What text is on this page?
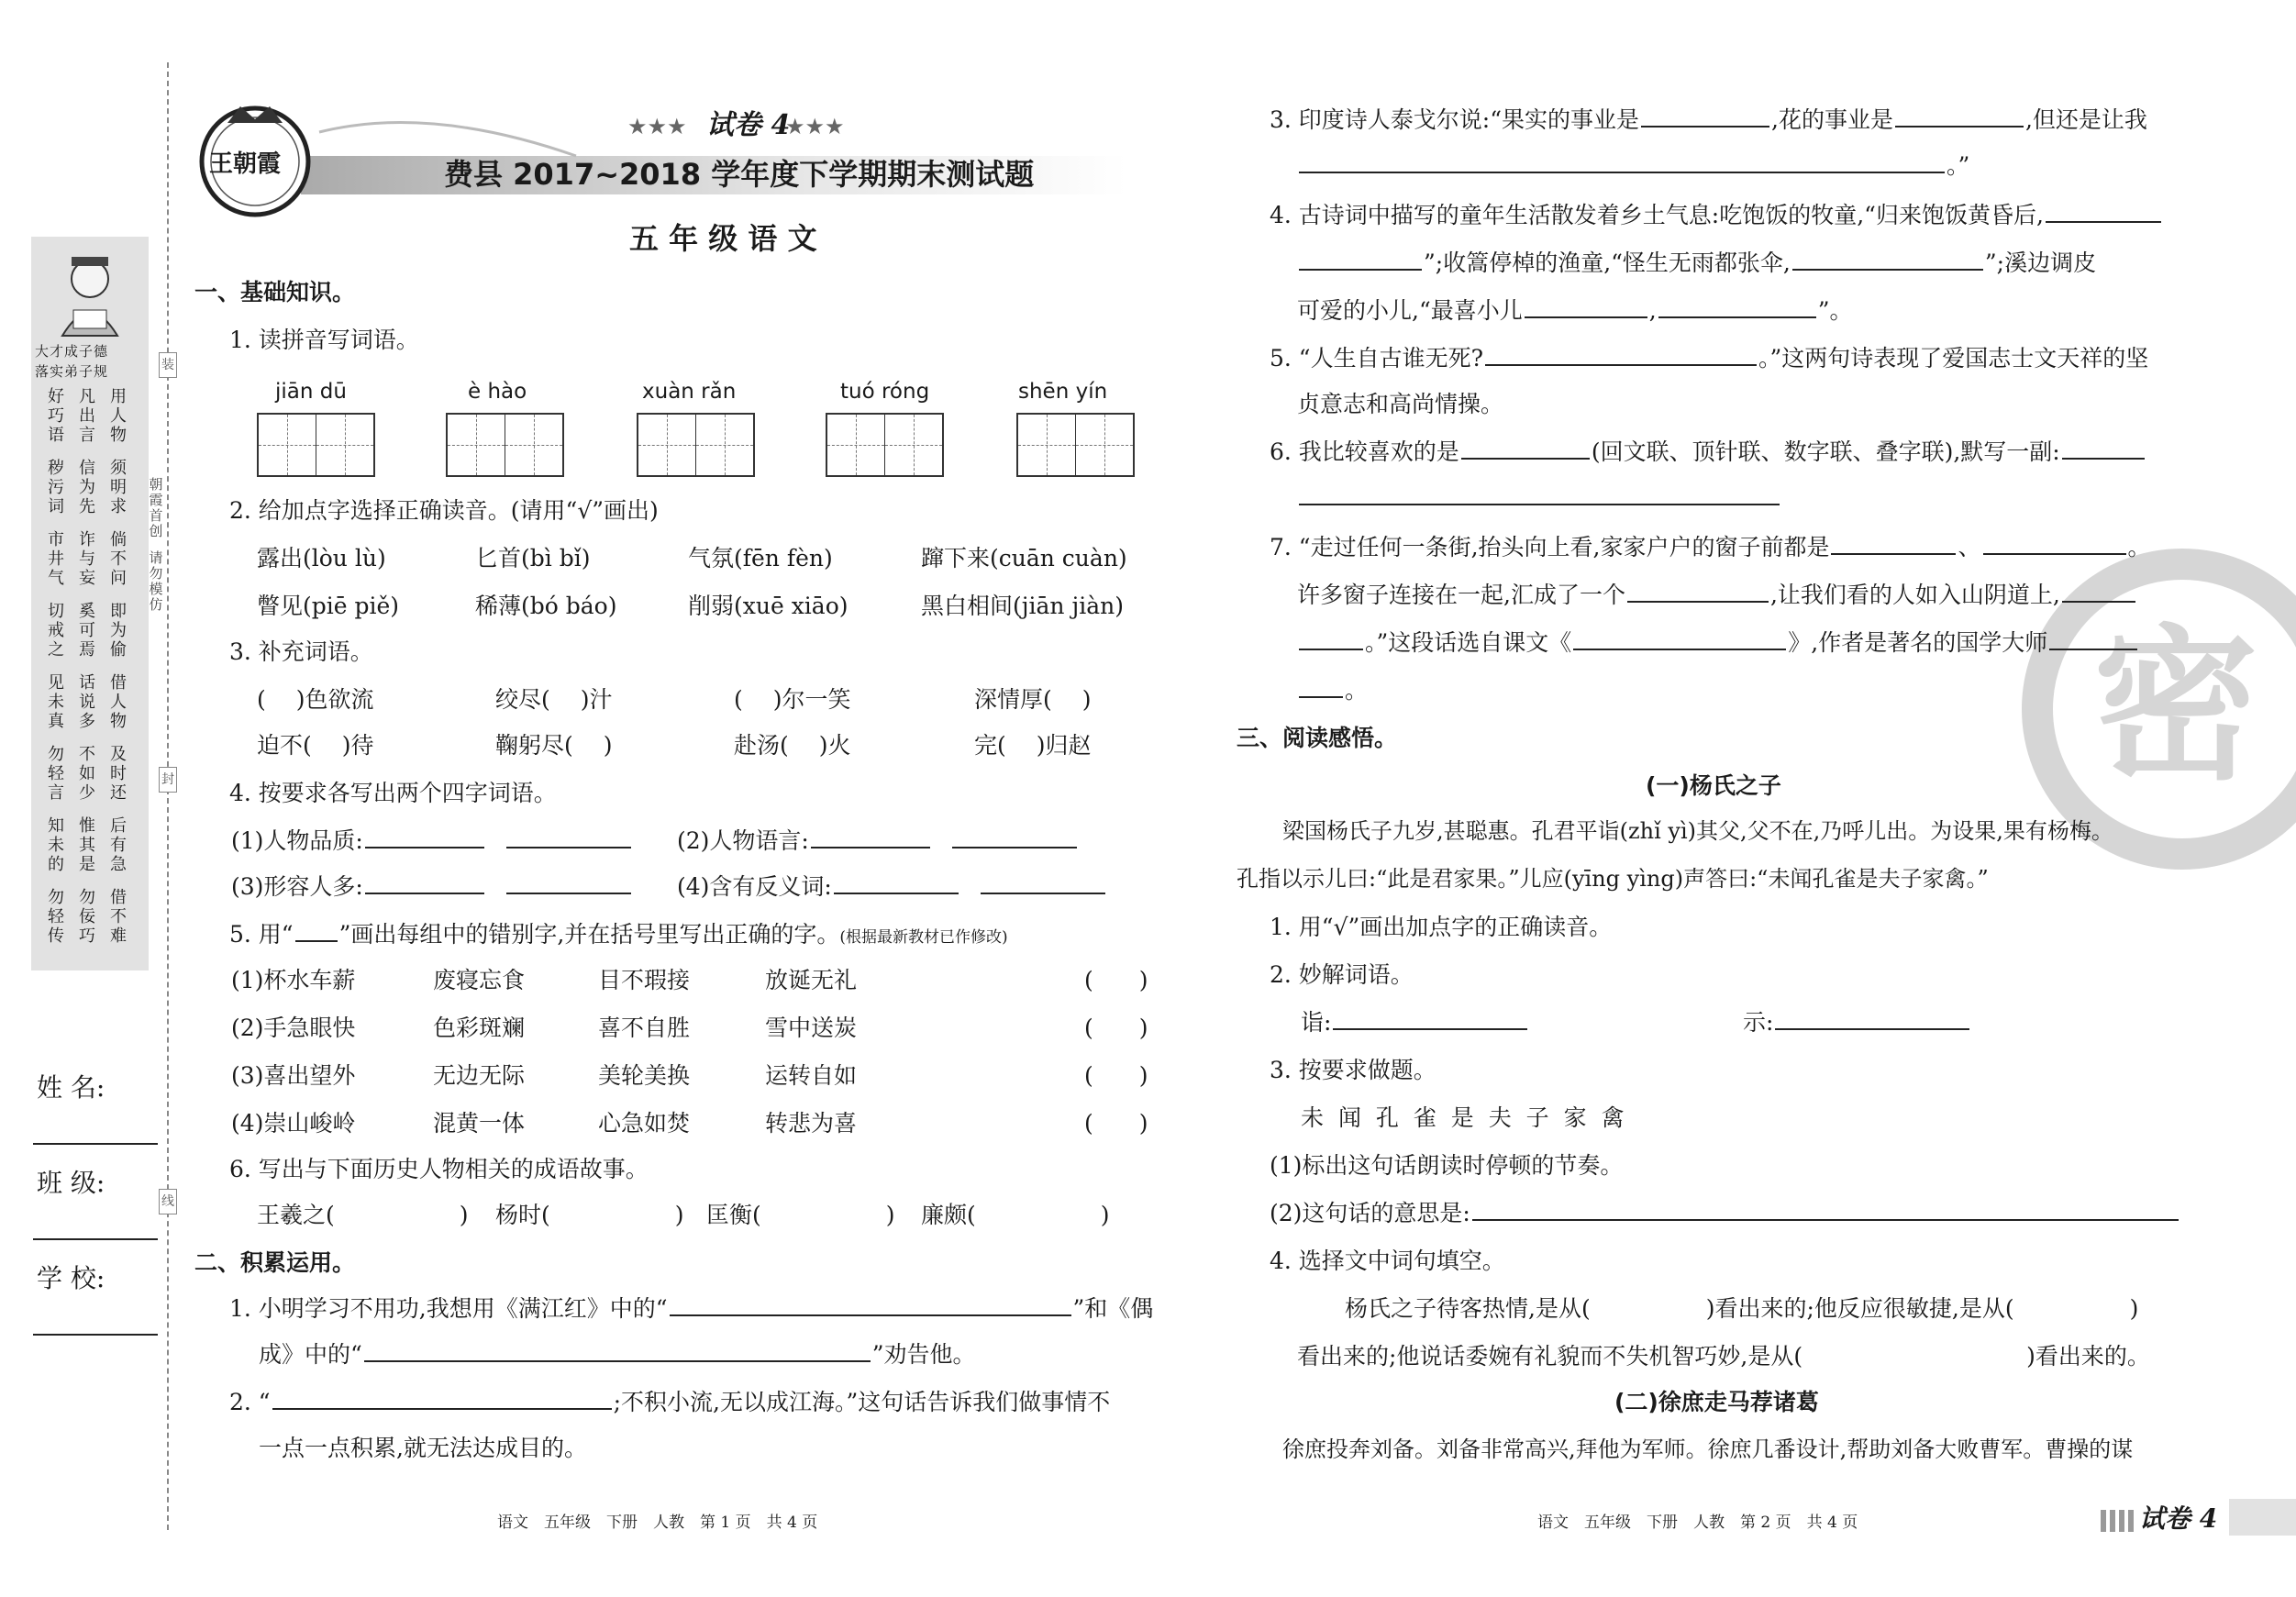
装
封
线
朝霞首创
请勿模仿
大才成子德
落实弟子规
好巧语
凡出言
用人物
秽污词
信为先
须明求
市井气
诈与妄
倘不问
切戒之
奚可焉
即为偷
见未真
话说多
借人物
勿轻言
不如少
及时还
知未的
惟其是
后有急
勿轻传
勿佞巧
借不难
姓 名:
班 级:
学 校:
王朝霞
★★★ 试卷 4
★★★
费县 2017~2018 学年度下学期期末测试题
五 年 级 语 文
一、基础知识。
1. 读拼音写词语。
jiān dū	è hào	xuàn rǎn	tuó róng	shēn yín
2. 给加点字选择正确读音。(请用“√”画出)
露出(lòu lù)	匕首(bì bǐ)	气氛(fēn fèn)	蹿下来(cuān cuàn)
瞥见(piē piě)	稀薄(bó báo)	削弱(xuē xiāo)	黑白相间(jiān jiàn)
3. 补充词语。
(　 )色欲流	绞尽(　 )汁	(　 )尔一笑	深情厚(　 )
迫不(　 )待	鞠躬尽(　 )	赴汤(　 )火	完(　 )归赵
4. 按要求各写出两个四字词语。
(1)人物品质:	(2)人物语言:
(3)形容人多:	(4)含有反义词:
5. 用“ ”画出每组中的错别字,并在括号里写出正确的字。(根据最新教材已作修改)
(1)杯水车薪	废寝忘食	目不瑕接	放诞无礼	(　　)
(2)手急眼快	色彩斑斓	喜不自胜	雪中送炭	(　　)
(3)喜出望外	无边无际	美轮美换	运转自如	(　　)
(4)崇山峻岭	混黄一体	心急如焚	转悲为喜	(　　)
6. 写出与下面历史人物相关的成语故事。
王羲之(	) 杨时(	) 匡衡(	) 廉颇(	)
二、积累运用。
1. 小明学习不用功,我想用《满江红》中的“	”和《偶
成》中的“	”劝告他。
2. “	;不积小流,无以成江海。”这句话告诉我们做事情不
一点一点积累,就无法达成目的。
语文　五年级　下册　人教　第 1 页　共 4 页
密
3. 印度诗人泰戈尔说:“果实的事业是	,花的事业是	,但还是让我
。”
4. 古诗词中描写的童年生活散发着乡土气息:吃饱饭的牧童,“归来饱饭黄昏后,
”;收篙停棹的渔童,“怪生无雨都张伞,	”;溪边调皮
可爱的小儿,“最喜小儿	,	”。
5. “人生自古谁无死?	。”这两句诗表现了爱国志士文天祥的坚
贞意志和高尚情操。
6. 我比较喜欢的是	(回文联、顶针联、数字联、叠字联),默写一副:
7. “走过任何一条街,抬头向上看,家家户户的窗子前都是	、	。
许多窗子连接在一起,汇成了一个	,让我们看的人如入山阴道上,
。”这段话选自课文《	》,作者是著名的国学大师
。
三、阅读感悟。
(一)杨氏之子
梁国杨氏子九岁,甚聪惠。孔君平诣(zhǐ yì)其父,父不在,乃呼儿出。为设果,果有杨梅。
孔指以示儿曰:“此是君家果。”儿应(yīng yìng)声答曰:“未闻孔雀是夫子家禽。”
1. 用“√”画出加点字的正确读音。
2. 妙解词语。
诣:	示:
3. 按要求做题。
未 闻 孔 雀 是 夫 子 家 禽
(1)标出这句话朗读时停顿的节奏。
(2)这句话的意思是:
4. 选择文中词句填空。
杨氏之子待客热情,是从(	)看出来的;他反应很敏捷,是从(	)
看出来的;他说话委婉有礼貌而不失机智巧妙,是从(	)看出来的。
(二)徐庶走马荐诸葛
徐庶投奔刘备。刘备非常高兴,拜他为军师。徐庶几番设计,帮助刘备大败曹军。曹操的谋
语文　五年级　下册　人教　第 2 页　共 4 页	试卷 4
